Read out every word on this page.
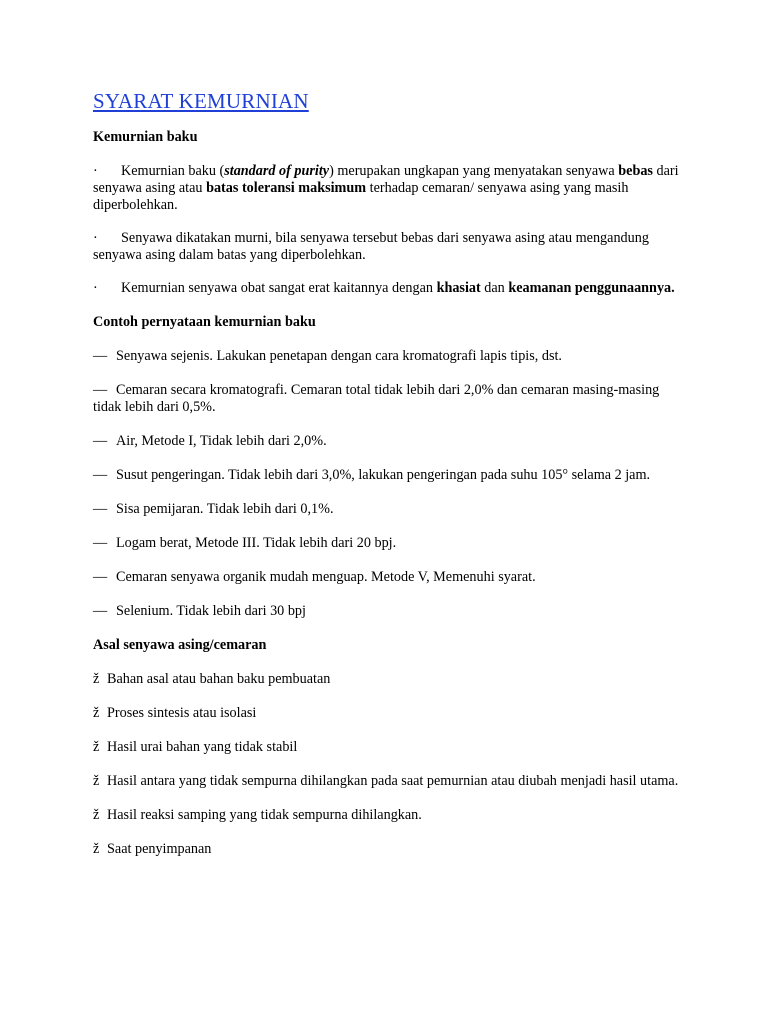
SYARAT KEMURNIAN

Kemurnian baku

· Kemurnian baku (standard of purity) merupakan ungkapan yang menyatakan senyawa bebas dari senyawa asing atau batas toleransi maksimum terhadap cemaran/ senyawa asing yang masih diperbolehkan.

· Senyawa dikatakan murni, bila senyawa tersebut bebas dari senyawa asing atau mengandung senyawa asing dalam batas yang diperbolehkan.

· Kemurnian senyawa obat sangat erat kaitannya dengan khasiat dan keamanan penggunaannya.

Contoh pernyataan kemurnian baku

— Senyawa sejenis. Lakukan penetapan dengan cara kromatografi lapis tipis, dst.

— Cemaran secara kromatografi. Cemaran total tidak lebih dari 2,0% dan cemaran masing-masing tidak lebih dari 0,5%.

— Air, Metode I, Tidak lebih dari 2,0%.

— Susut pengeringan. Tidak lebih dari 3,0%, lakukan pengeringan pada suhu 105° selama 2 jam.

— Sisa pemijaran. Tidak lebih dari 0,1%.

— Logam berat, Metode III. Tidak lebih dari 20 bpj.

— Cemaran senyawa organik mudah menguap. Metode V, Memenuhi syarat.

— Selenium. Tidak lebih dari 30 bpj

Asal senyawa asing/cemaran

ž Bahan asal atau bahan baku pembuatan

ž Proses sintesis atau isolasi

ž Hasil urai bahan yang tidak stabil

ž Hasil antara yang tidak sempurna dihilangkan pada saat pemurnian atau diubah menjadi hasil utama.

ž Hasil reaksi samping yang tidak sempurna dihilangkan.

ž Saat penyimpanan
